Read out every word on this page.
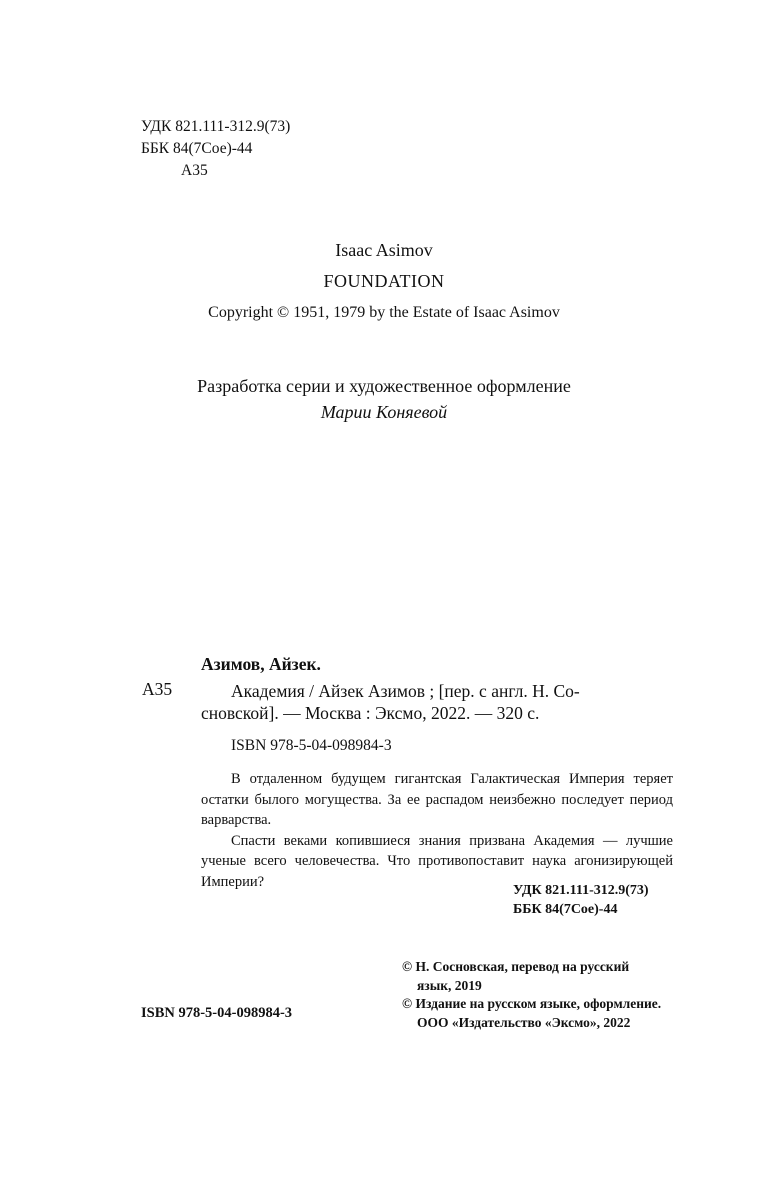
УДК 821.111-312.9(73)
ББК 84(7Сое)-44
А35
Isaac Asimov
FOUNDATION
Copyright © 1951, 1979 by the Estate of Isaac Asimov
Разработка серии и художественное оформление
Марии Коняевой
Азимов, Айзек.
А35	Академия / Айзек Азимов ; [пер. с англ. Н. Со-
сновской]. — Москва : Эксмо, 2022. — 320 с.
ISBN 978-5-04-098984-3

В отдаленном будущем гигантская Галактическая Империя теряет остатки былого могущества. За ее распадом неизбежно последует период варварства.

Спасти веками копившиеся знания призвана Академия — лучшие ученые всего человечества. Что противопоставит наука агонизирующей Империи?

УДК 821.111-312.9(73)
ББК 84(7Сое)-44
© Н. Сосновская, перевод на русский
язык, 2019
© Издание на русском языке, оформление.
ООО «Издательство «Эксмо», 2022
ISBN 978-5-04-098984-3
